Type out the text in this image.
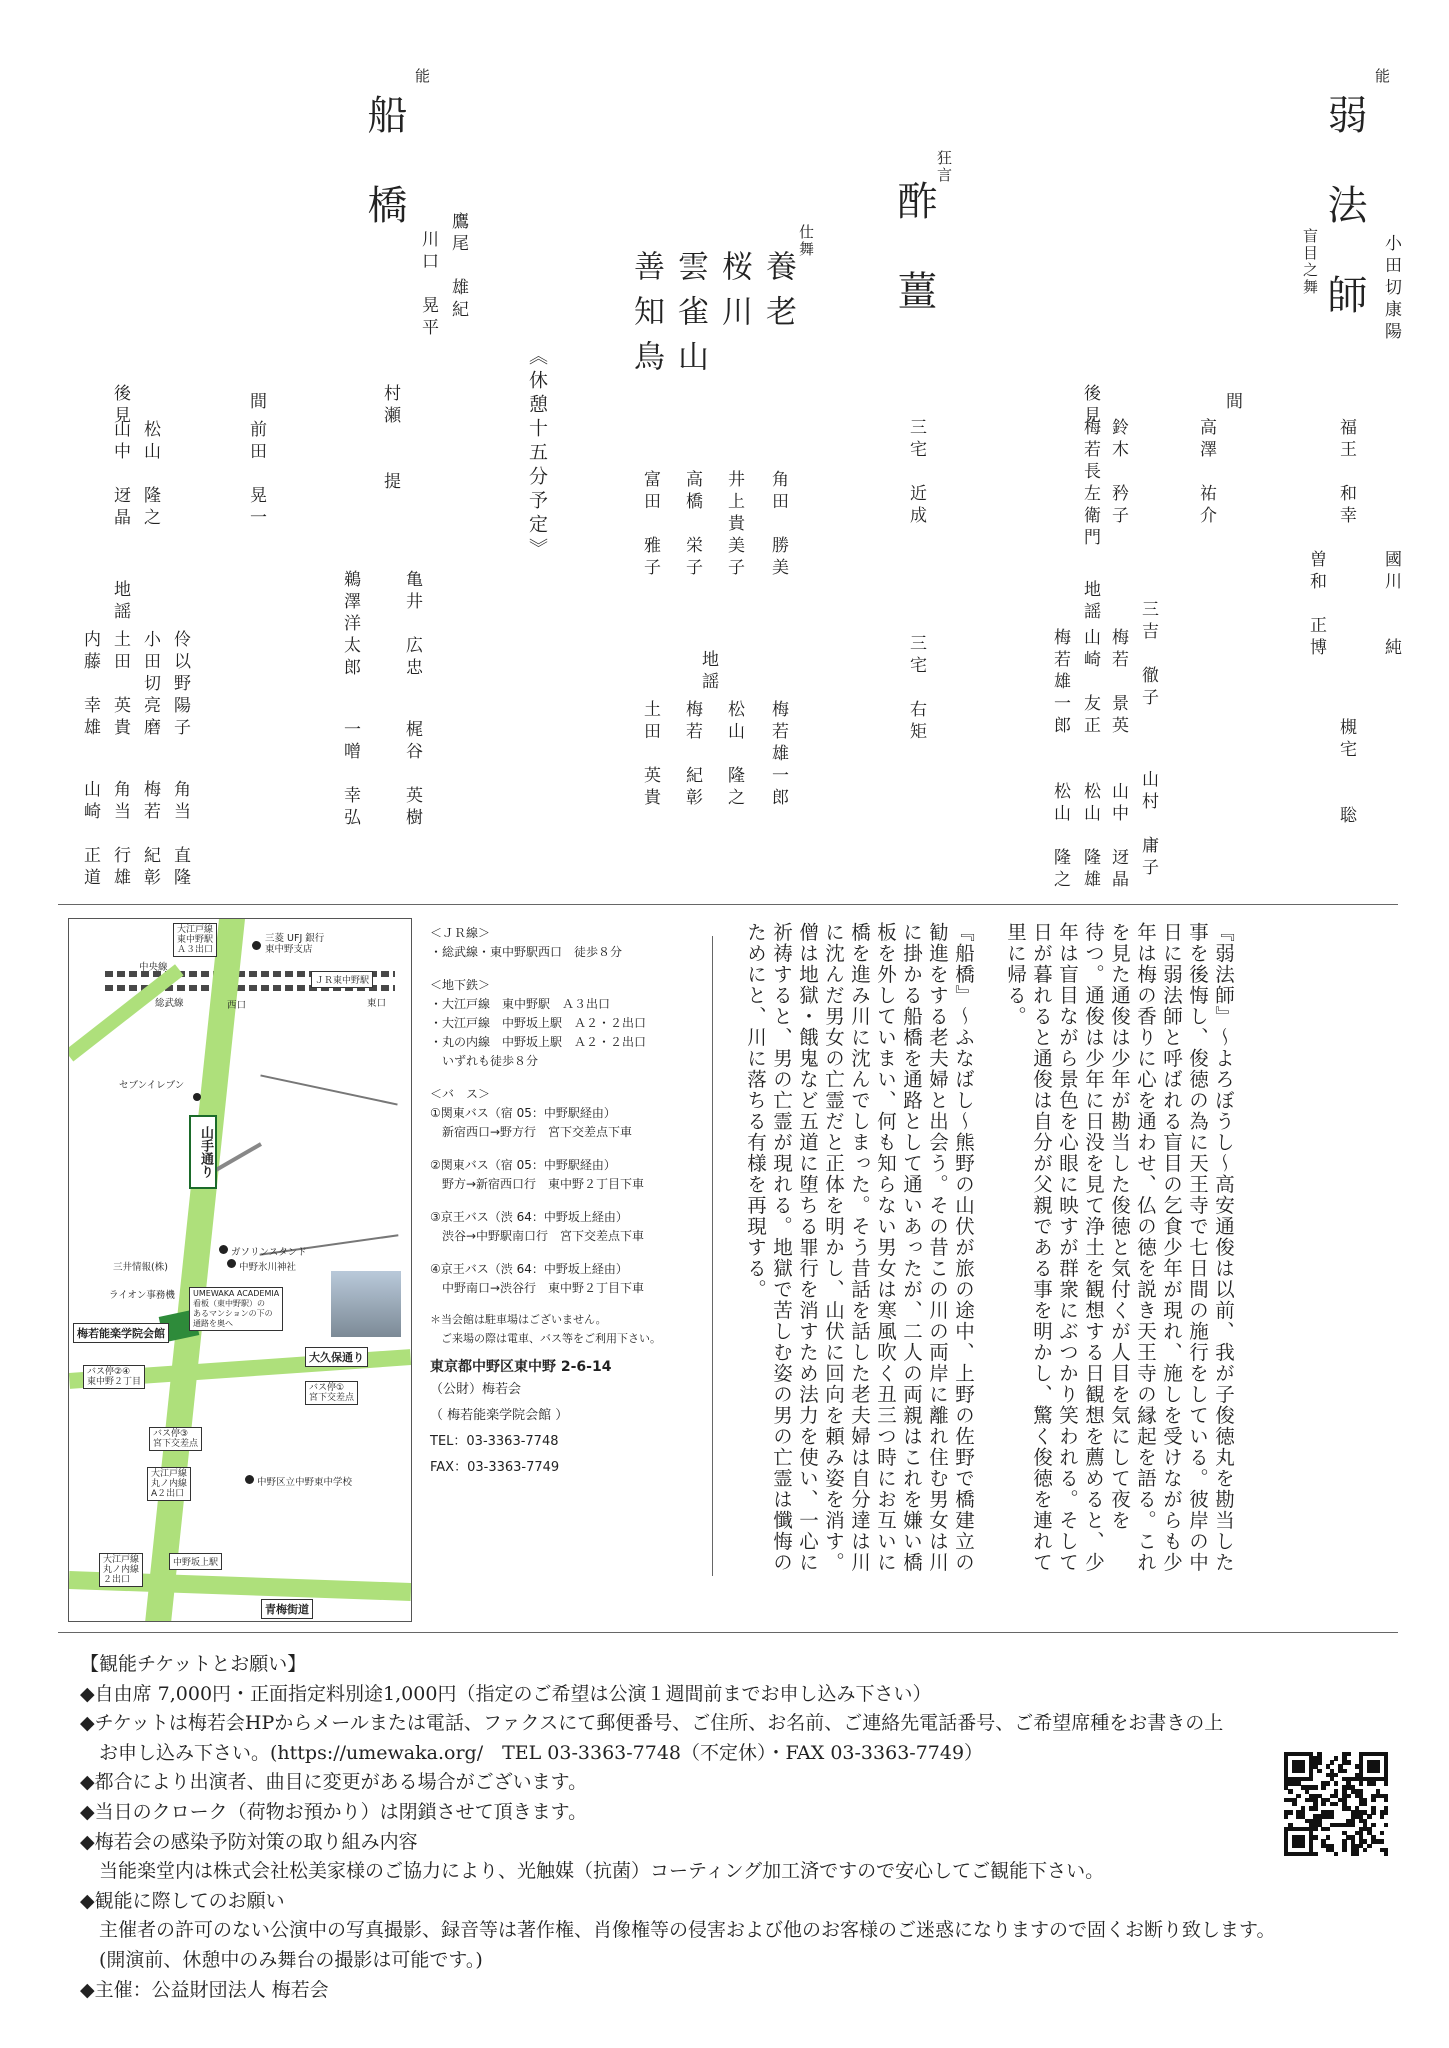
能
弱法師
盲目之舞	小田切康陽
福王　和幸
國川　　純
曽和　正博
槻宅　　聡
間
高澤　祐介
後見
鈴木　矜子
梅若長左衛門
地謡 三吉　徹子
梅若　景英
山崎　友正
梅若雄一郎
山村　庸子
山中　迓晶
松山　隆雄
松山　隆之
狂言
酢薑
三宅　近成
三宅　右矩
仕舞
養老
桜川
雲雀山
善知鳥
角田　勝美
井上貴美子
高橋　栄子
富田　雅子
地謡
梅若雄一郎
松山　隆之
梅若　紀彰
土田　英貴
《休憩十五分予定》
能
船橋	鷹尾　雄紀
川口　晃平
村瀬　　提
亀井　広忠
鵜澤洋太郎
梶谷　英樹
一噌　幸弘
間
前田　晃一
後見
松山　隆之
山中　迓晶
地謡
伶以野陽子
小田切亮磨
土田　英貴
内藤　幸雄
角当　直隆
梅若　紀彰
角当　行雄
山崎　正道
『弱法師』〜よろぼうし〜高安通俊は以前、我が子俊徳丸を勘当した
事を後悔し、俊徳の為に天王寺で七日間の施行をしている。彼岸の中
日に弱法師と呼ばれる盲目の乞食少年が現れ、施しを受けながらも少
年は梅の香りに心を通わせ、仏の徳を説き天王寺の縁起を語る。これ
を見た通俊は少年が勘当した俊徳と気付くが人目を気にして夜を
待つ。通俊は少年に日没を見て浄土を観想する日観想を薦めると、少
年は盲目ながら景色を心眼に映すが群衆にぶつかり笑われる。そして
日が暮れると通俊は自分が父親である事を明かし、驚く俊徳を連れて
里に帰る。

『船橋』〜ふなばし〜熊野の山伏が旅の途中、上野の佐野で橋建立の
勧進をする老夫婦と出会う。その昔この川の両岸に離れ住む男女は川
に掛かる船橋を通路として通いあったが、二人の両親はこれを嫌い橋
板を外していまい、何も知らない男女は寒風吹く丑三つ時にお互いに
橋を進み川に沈んでしまった。そう昔話を話した老夫婦は自分達は川
に沈んだ男女の亡霊だと正体を明かし、山伏に回向を頼み姿を消す。
僧は地獄・餓鬼など五道に堕ちる罪行を消すため法力を使い、一心に
祈祷すると、男の亡霊が現れる。地獄で苦しむ姿の男の亡霊は懺悔の
ためにと、川に落ちる有様を再現する。
中央線
総武線
大江戸線
東中野駅
Ａ３出口
三菱 UFJ 銀行
東中野支店
ＪＲ東中野駅
東口
西口
セブンイレブン
山手通り
ガソリンスタンド
三井情報(株)	中野氷川神社
ライオン事務機
梅若能楽学院会館
UMEWAKA ACADEMIA
看板（東中野駅）の
あるマンションの下の
通路を奥へ
大久保通り
バス停②④
東中野２丁目
バス停①
宮下交差点
バス停③
宮下交差点
大江戸線
丸ノ内線
A２出口
中野区立中野東中学校
大江戸線
丸ノ内線
２出口
中野坂上駅
青梅街道
＜ＪＲ線＞
・総武線・東中野駅西口　徒歩８分
＜地下鉄＞
・大江戸線　東中野駅　Ａ３出口
・大江戸線　中野坂上駅　Ａ２・２出口
・丸の内線　中野坂上駅　Ａ２・２出口
　いずれも徒歩８分
＜バ　ス＞
①関東バス（宿 05：中野駅経由）
　新宿西口→野方行　宮下交差点下車
②関東バス（宿 05：中野駅経由）
　野方→新宿西口行　東中野２丁目下車
③京王バス（渋 64：中野坂上経由）
　渋谷→中野駅南口行　宮下交差点下車
④京王バス（渋 64：中野坂上経由）
　中野南口→渋谷行　東中野２丁目下車
＊当会館は駐車場はございません。
　ご来場の際は電車、バス等をご利用下さい。
東京都中野区東中野 2-6-14
（公財）梅若会
（ 梅若能楽学院会館 ）
TEL：03-3363-7748
FAX：03-3363-7749
【観能チケットとお願い】
◆自由席 7,000円・正面指定料別途1,000円（指定のご希望は公演１週間前までお申し込み下さい）
◆チケットは梅若会HPからメールまたは電話、ファクスにて郵便番号、ご住所、お名前、ご連絡先電話番号、ご希望席種をお書きの上
　お申し込み下さい。(https://umewaka.org/　TEL 03-3363-7748（不定休）・FAX 03-3363-7749）
◆都合により出演者、曲目に変更がある場合がございます。
◆当日のクローク（荷物お預かり）は閉鎖させて頂きます。
◆梅若会の感染予防対策の取り組み内容
　当能楽堂内は株式会社松美家様のご協力により、光触媒（抗菌）コーティング加工済ですので安心してご観能下さい。
◆観能に際してのお願い
　主催者の許可のない公演中の写真撮影、録音等は著作権、肖像権等の侵害および他のお客様のご迷惑になりますので固くお断り致します。
　(開演前、休憩中のみ舞台の撮影は可能です。)
◆主催：公益財団法人 梅若会
